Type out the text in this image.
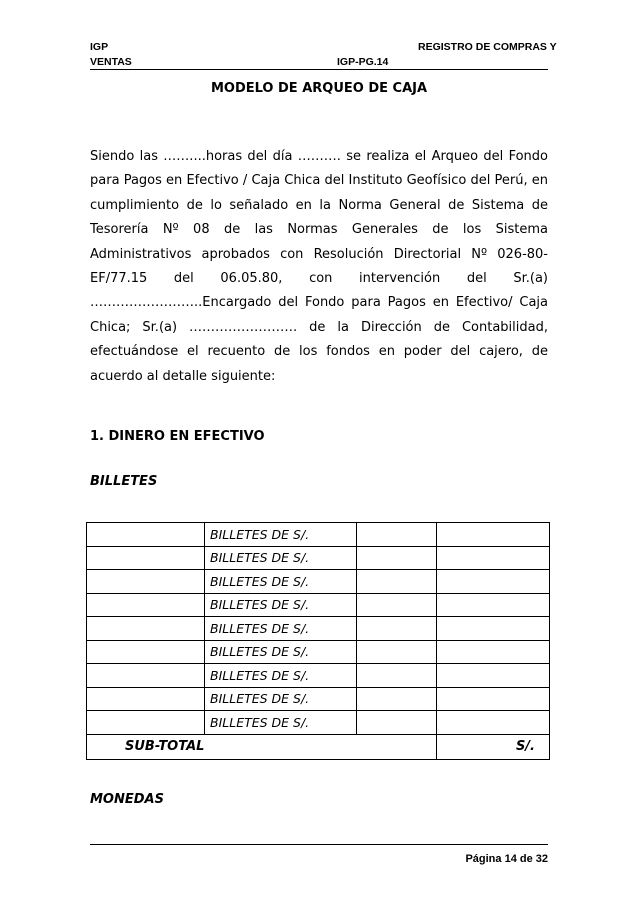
IGP
VENTAS
REGISTRO DE COMPRAS Y
IGP-PG.14
MODELO DE ARQUEO DE CAJA

Siendo las ……....horas del día ………. se realiza el Arqueo del Fondo para Pagos en Efectivo / Caja Chica del Instituto Geofísico del Perú, en cumplimiento de lo señalado en la Norma General de Sistema de Tesorería Nº 08 de las Normas Generales de los Sistema Administrativos aprobados con Resolución Directorial Nº 026-80-EF/77.15 del 06.05.80, con intervención del Sr.(a) ……………………..Encargado del Fondo para Pagos en Efectivo/ Caja Chica; Sr.(a) ……………………. de la Dirección de Contabilidad, efectuándose el recuento de los fondos en poder del cajero, de acuerdo al detalle siguiente:

1. DINERO EN EFECTIVO
BILLETES
	BILLETES DE S/.		
	BILLETES DE S/.		
	BILLETES DE S/.		
	BILLETES DE S/.		
	BILLETES DE S/.		
	BILLETES DE S/.		
	BILLETES DE S/.		
	BILLETES DE S/.		
	BILLETES DE S/.		
SUB-TOTAL			S/.
MONEDAS
Página 14 de 32
